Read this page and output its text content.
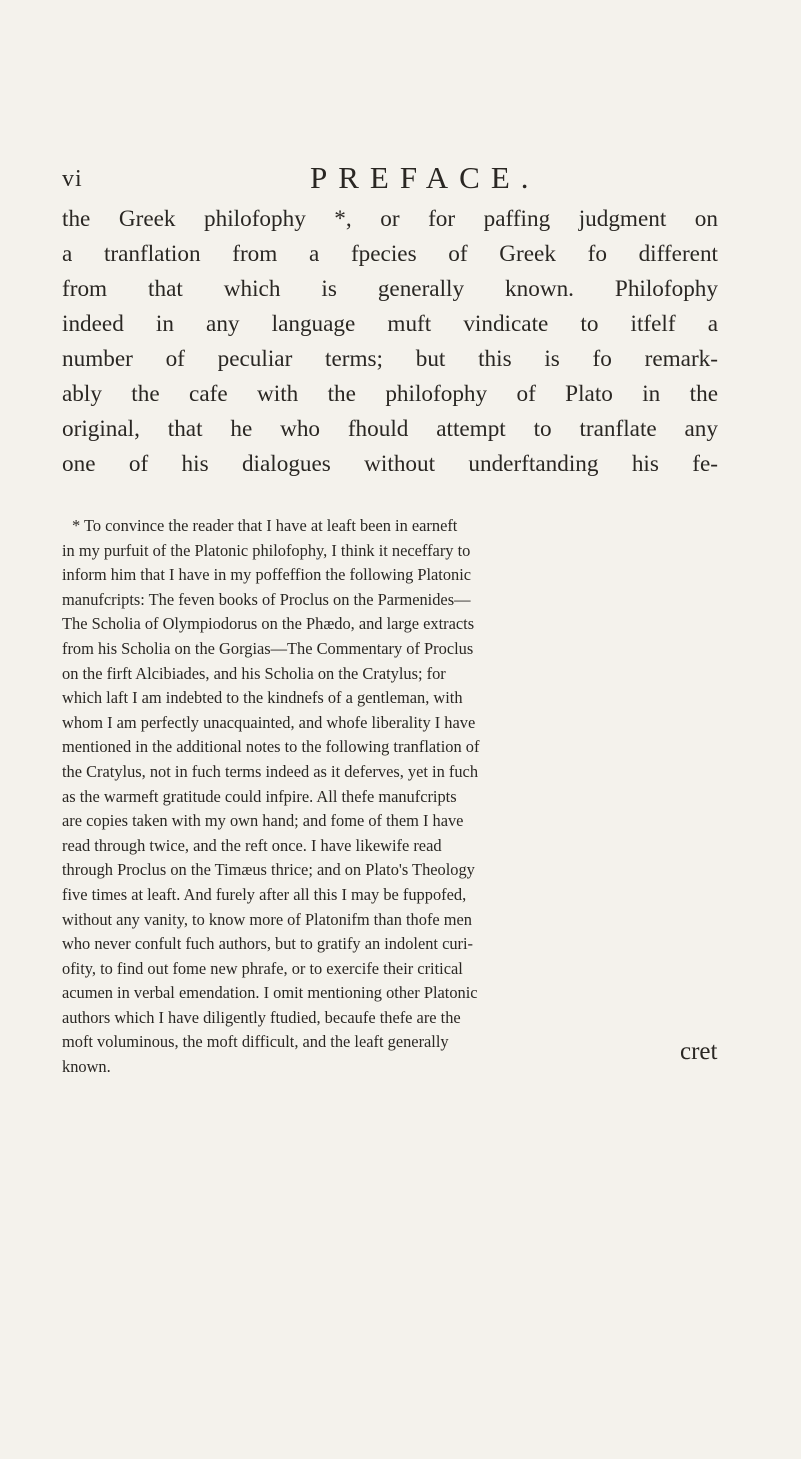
vi	PREFACE.
the Greek philofophy *, or for paffing judgment on
a tranflation from a fpecies of Greek fo different
from that which is generally known. Philofophy
indeed in any language muft vindicate to itfelf a
number of peculiar terms; but this is fo remark-
ably the cafe with the philofophy of Plato in the
original, that he who fhould attempt to tranflate any
one of his dialogues without underftanding his fe-
* To convince the reader that I have at leaft been in earneft
in my purfuit of the Platonic philofophy, I think it neceffary to
inform him that I have in my poffeffion the following Platonic
manufcripts: The feven books of Proclus on the Parmenides—
The Scholia of Olympiodorus on the Phædo, and large extracts
from his Scholia on the Gorgias—The Commentary of Proclus
on the firft Alcibiades, and his Scholia on the Cratylus; for
which laft I am indebted to the kindnefs of a gentleman, with
whom I am perfectly unacquainted, and whofe liberality I have
mentioned in the additional notes to the following tranflation of
the Cratylus, not in fuch terms indeed as it deferves, yet in fuch
as the warmeft gratitude could infpire. All thefe manufcripts
are copies taken with my own hand; and fome of them I have
read through twice, and the reft once. I have likewife read
through Proclus on the Timæus thrice; and on Plato's Theology
five times at leaft. And furely after all this I may be fuppofed,
without any vanity, to know more of Platonifm than thofe men
who never confult fuch authors, but to gratify an indolent curi-
ofity, to find out fome new phrafe, or to exercife their critical
acumen in verbal emendation. I omit mentioning other Platonic
authors which I have diligently ftudied, becaufe thefe are the
moft voluminous, the moft difficult, and the leaft generally
known.
cret
